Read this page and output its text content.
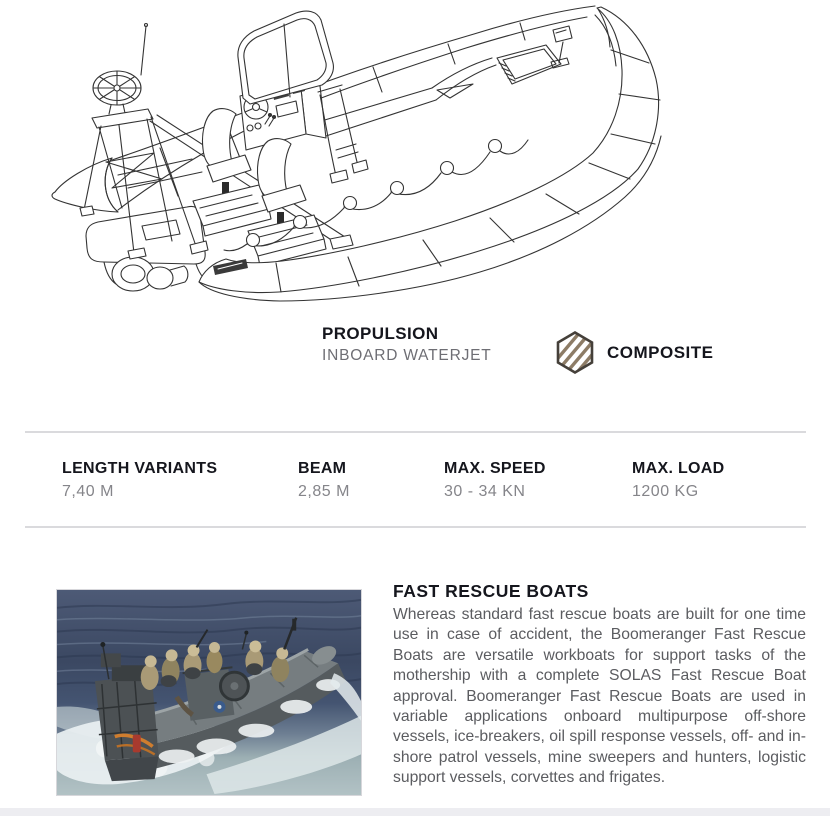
PROPULSION
INBOARD WATERJET	COMPOSITE
LENGTH VARIANTS
7,40 M
BEAM
2,85 M
MAX. SPEED
30 - 34 KN
MAX. LOAD
1200 KG
FAST RESCUE BOATS
Whereas standard fast rescue boats are built for one time use in case of accident, the Boomeranger Fast Rescue Boats are versatile workboats for support tasks of the mothership with a complete SOLAS Fast Rescue Boat approval. Boomeranger Fast Rescue Boats are used in variable applications onboard multipurpose off-shore vessels, ice-breakers, oil spill response vessels, off- and in-shore patrol vessels, mine sweepers and hunters, logistic support vessels, corvettes and frigates.
